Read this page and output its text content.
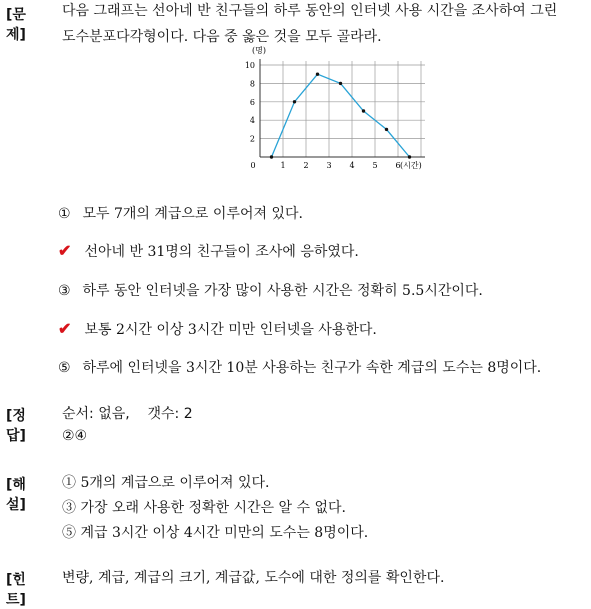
[문제]
다음 그래프는 선아네 반 친구들의 하루 동안의 인터넷 사용 시간을 조사하여 그린
도수분포다각형이다. 다음 중 옳은 것을 모두 골라라.
0	1 2 3 4 5 6
2
4
6
8
10
(명)
(시간)
① 모두 7개의 계급으로 이루어져 있다.
✔ 선아네 반 31명의 친구들이 조사에 응하였다.
③ 하루 동안 인터넷을 가장 많이 사용한 시간은 정확히 5.5시간이다.
✔ 보통 2시간 이상 3시간 미만 인터넷을 사용한다.
⑤ 하루에 인터넷을 3시간 10분 사용하는 친구가 속한 계급의 도수는 8명이다.
[정답]
순서: 없음,    갯수: 2
②④
[해설]
① 5개의 계급으로 이루어져 있다.
③ 가장 오래 사용한 정확한 시간은 알 수 없다.
⑤ 계급 3시간 이상 4시간 미만의 도수는 8명이다.
[힌트]
변량, 계급, 계급의 크기, 계급값, 도수에 대한 정의를 확인한다.
